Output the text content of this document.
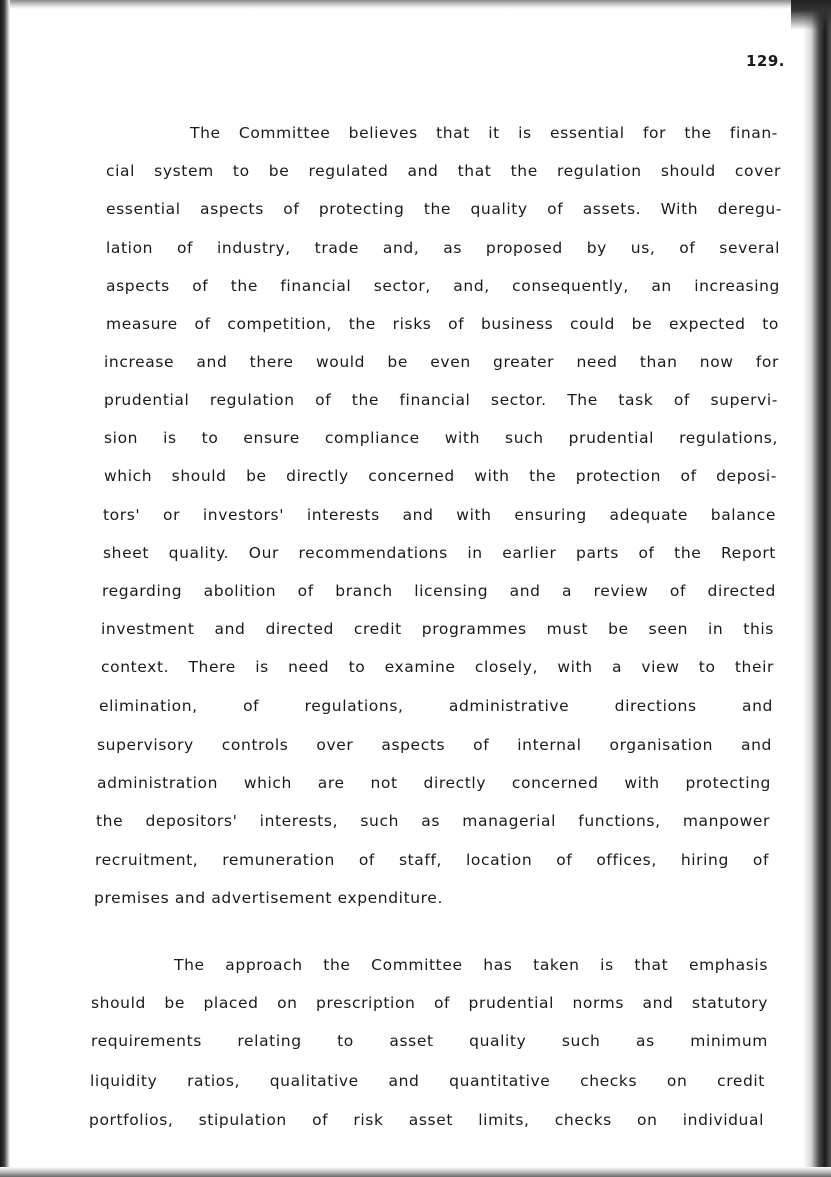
129.
The Committee believes that it is essential for the finan-
cial system to be regulated and that the regulation should cover
essential aspects of protecting the quality of assets. With deregu-
lation of industry, trade and, as proposed by us, of several
aspects of the financial sector, and, consequently, an increasing
measure of competition, the risks of business could be expected to
increase and there would be even greater need than now for
prudential regulation of the financial sector. The task of supervi-
sion is to ensure compliance with such prudential regulations,
which should be directly concerned with the protection of deposi-
tors' or investors' interests and with ensuring adequate balance
sheet quality. Our recommendations in earlier parts of the Report
regarding abolition of branch licensing and a review of directed
investment and directed credit programmes must be seen in this
context. There is need to examine closely, with a view to their
elimination, of regulations, administrative directions and
supervisory controls over aspects of internal organisation and
administration which are not directly concerned with protecting
the depositors' interests, such as managerial functions, manpower
recruitment, remuneration of staff, location of offices, hiring of
premises and advertisement expenditure.
The approach the Committee has taken is that emphasis
should be placed on prescription of prudential norms and statutory
requirements relating to asset quality such as minimum
liquidity ratios, qualitative and quantitative checks on credit
portfolios, stipulation of risk asset limits, checks on individual
